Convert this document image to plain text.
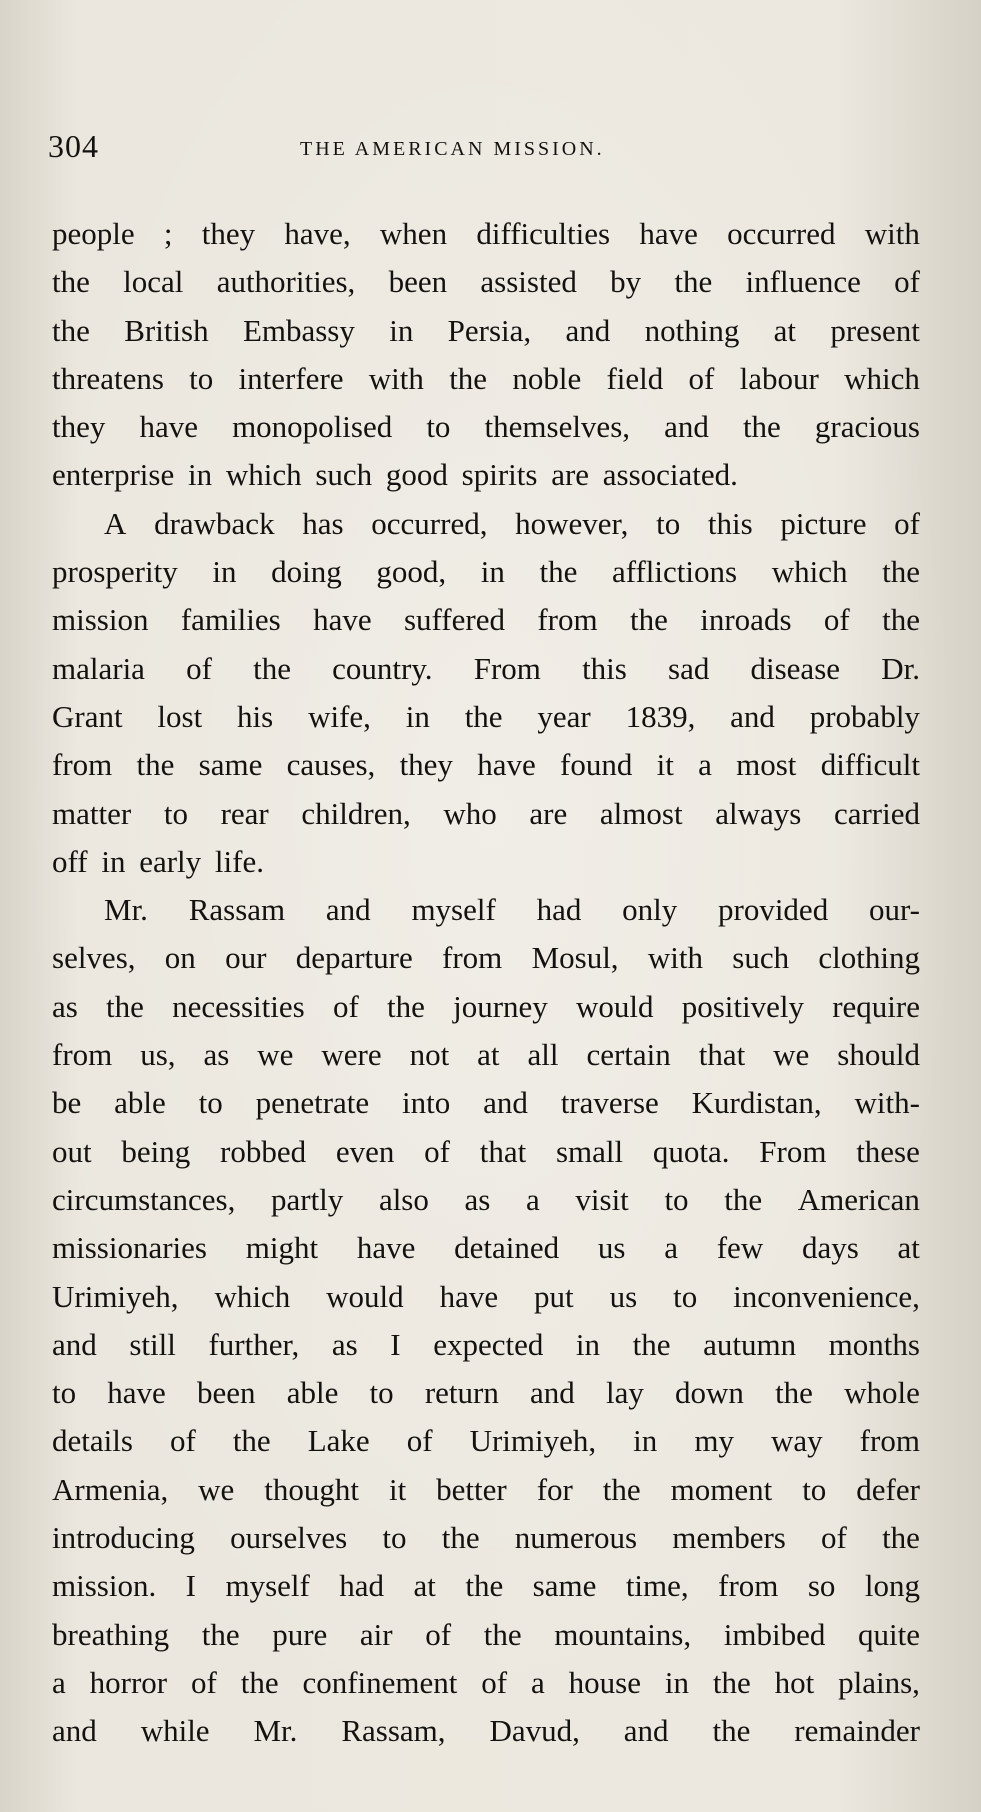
304	THE AMERICAN MISSION.
people ; they have, when difficulties have occurred with
the local authorities, been assisted by the influence of
the British Embassy in Persia, and nothing at present
threatens to interfere with the noble field of labour which
they have monopolised to themselves, and the gracious
enterprise in which such good spirits are associated.
A drawback has occurred, however, to this picture of
prosperity in doing good, in the afflictions which the
mission families have suffered from the inroads of the
malaria of the country. From this sad disease Dr.
Grant lost his wife, in the year 1839, and probably
from the same causes, they have found it a most difficult
matter to rear children, who are almost always carried
off in early life.
Mr. Rassam and myself had only provided our-
selves, on our departure from Mosul, with such clothing
as the necessities of the journey would positively require
from us, as we were not at all certain that we should
be able to penetrate into and traverse Kurdistan, with-
out being robbed even of that small quota. From these
circumstances, partly also as a visit to the American
missionaries might have detained us a few days at
Urimiyeh, which would have put us to inconvenience,
and still further, as I expected in the autumn months
to have been able to return and lay down the whole
details of the Lake of Urimiyeh, in my way from
Armenia, we thought it better for the moment to defer
introducing ourselves to the numerous members of the
mission. I myself had at the same time, from so long
breathing the pure air of the mountains, imbibed quite
a horror of the confinement of a house in the hot plains,
and while Mr. Rassam, Davud, and the remainder
